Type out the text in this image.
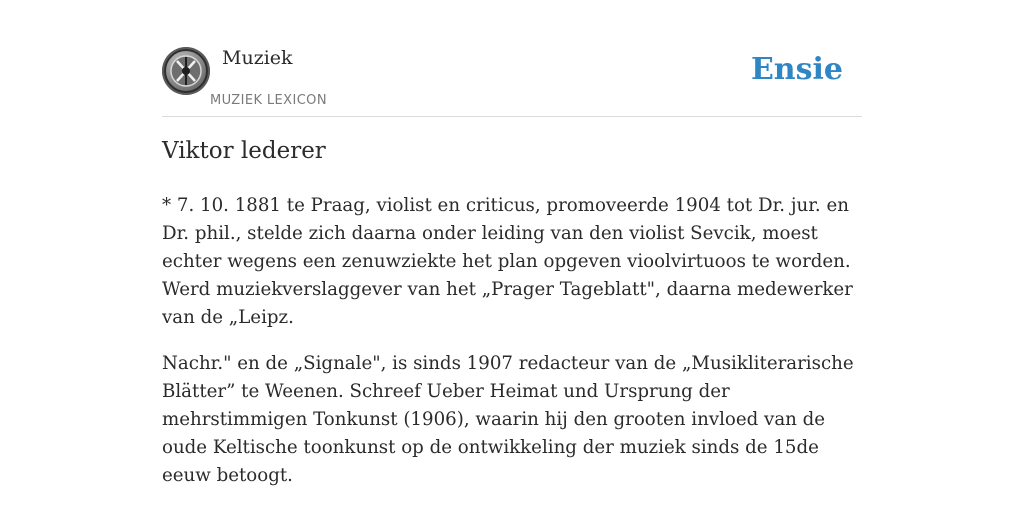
Muziek
MUZIEK LEXICON
Ensie
Viktor lederer

* 7. 10. 1881 te Praag, violist en criticus, promoveerde 1904 tot Dr. jur. en Dr. phil., stelde zich daarna onder leiding van den violist Sevcik, moest echter wegens een zenuwziekte het plan opgeven vioolvirtuoos te worden. Werd muziekverslaggever van het „Prager Tageblatt", daarna medewerker van de „Leipz.

Nachr." en de „Signale", is sinds 1907 redacteur van de „Musikliterarische Blätter” te Weenen. Schreef Ueber Heimat und Ursprung der mehrstimmigen Tonkunst (1906), waarin hij den grooten invloed van de oude Keltische toonkunst op de ontwikkeling der muziek sinds de 15de eeuw betoogt.
